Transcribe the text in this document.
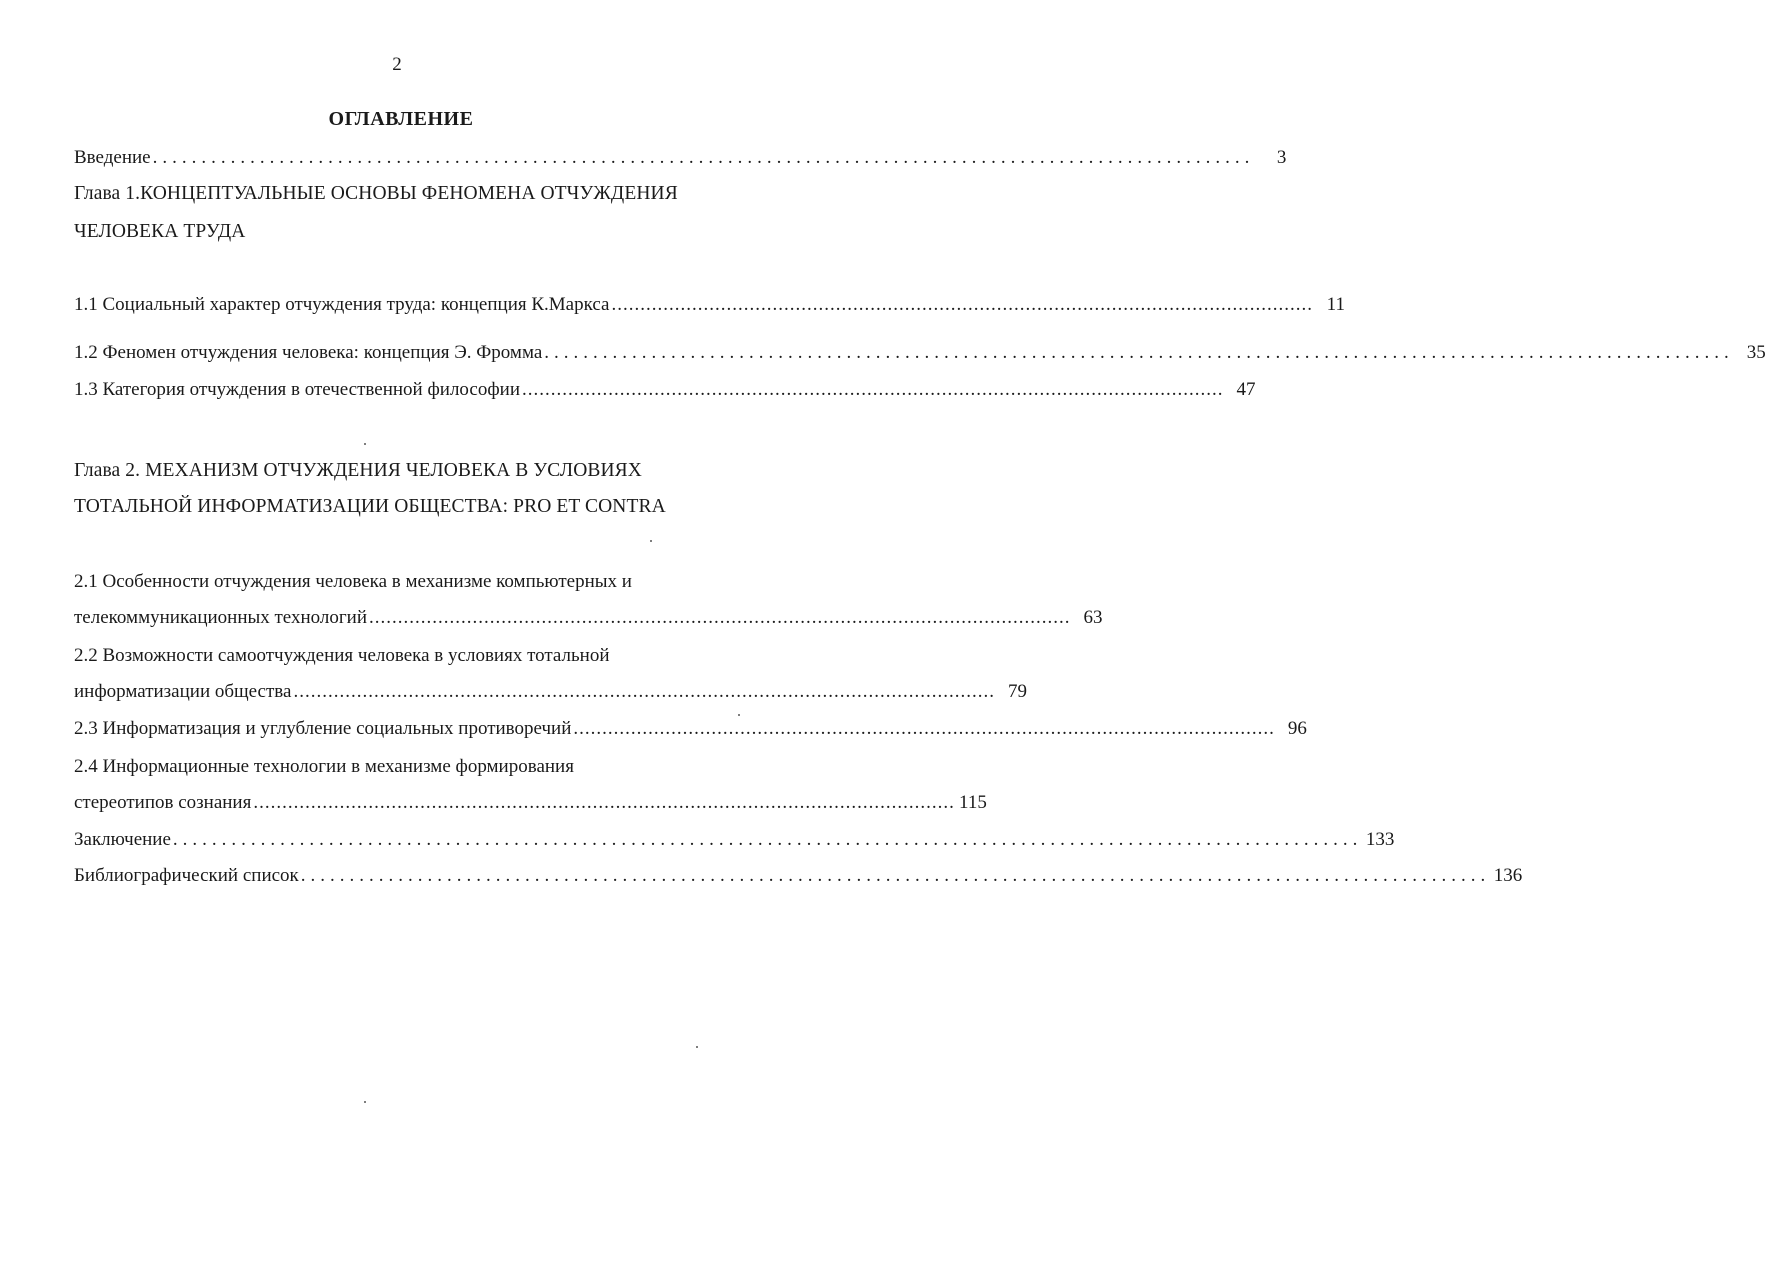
2
ОГЛАВЛЕНИЕ
Введение .................................................................................................................	3
Глава 1.КОНЦЕПТУАЛЬНЫЕ ОСНОВЫ ФЕНОМЕНА ОТЧУЖДЕНИЯ
ЧЕЛОВЕКА ТРУДА
1.1 Социальный характер отчуждения труда: концепция К.Маркса .......................................................................................................................... 11
1.2 Феномен отчуждения человека: концепция Э. Фромма .......................................................................................................................... 35
1.3 Категория отчуждения в отечественной философии .......................................................................................................................... 47
Глава 2. МЕХАНИЗМ ОТЧУЖДЕНИЯ ЧЕЛОВЕКА В УСЛОВИЯХ
ТОТАЛЬНОЙ ИНФОРМАТИЗАЦИИ ОБЩЕСТВА: PRO ET CONTRA
2.1 Особенности отчуждения человека в механизме компьютерных и
телекоммуникационных технологий .......................................................................................................................... 63
2.2 Возможности самоотчуждения человека в условиях тотальной
информатизации общества .......................................................................................................................... 79
2.3 Информатизация и углубление социальных противоречий .......................................................................................................................... 96
2.4 Информационные технологии в механизме формирования
стереотипов сознания .......................................................................................................................... 115
Заключение .......................................................................................................................... 133
Библиографический список .......................................................................................................................... 136
